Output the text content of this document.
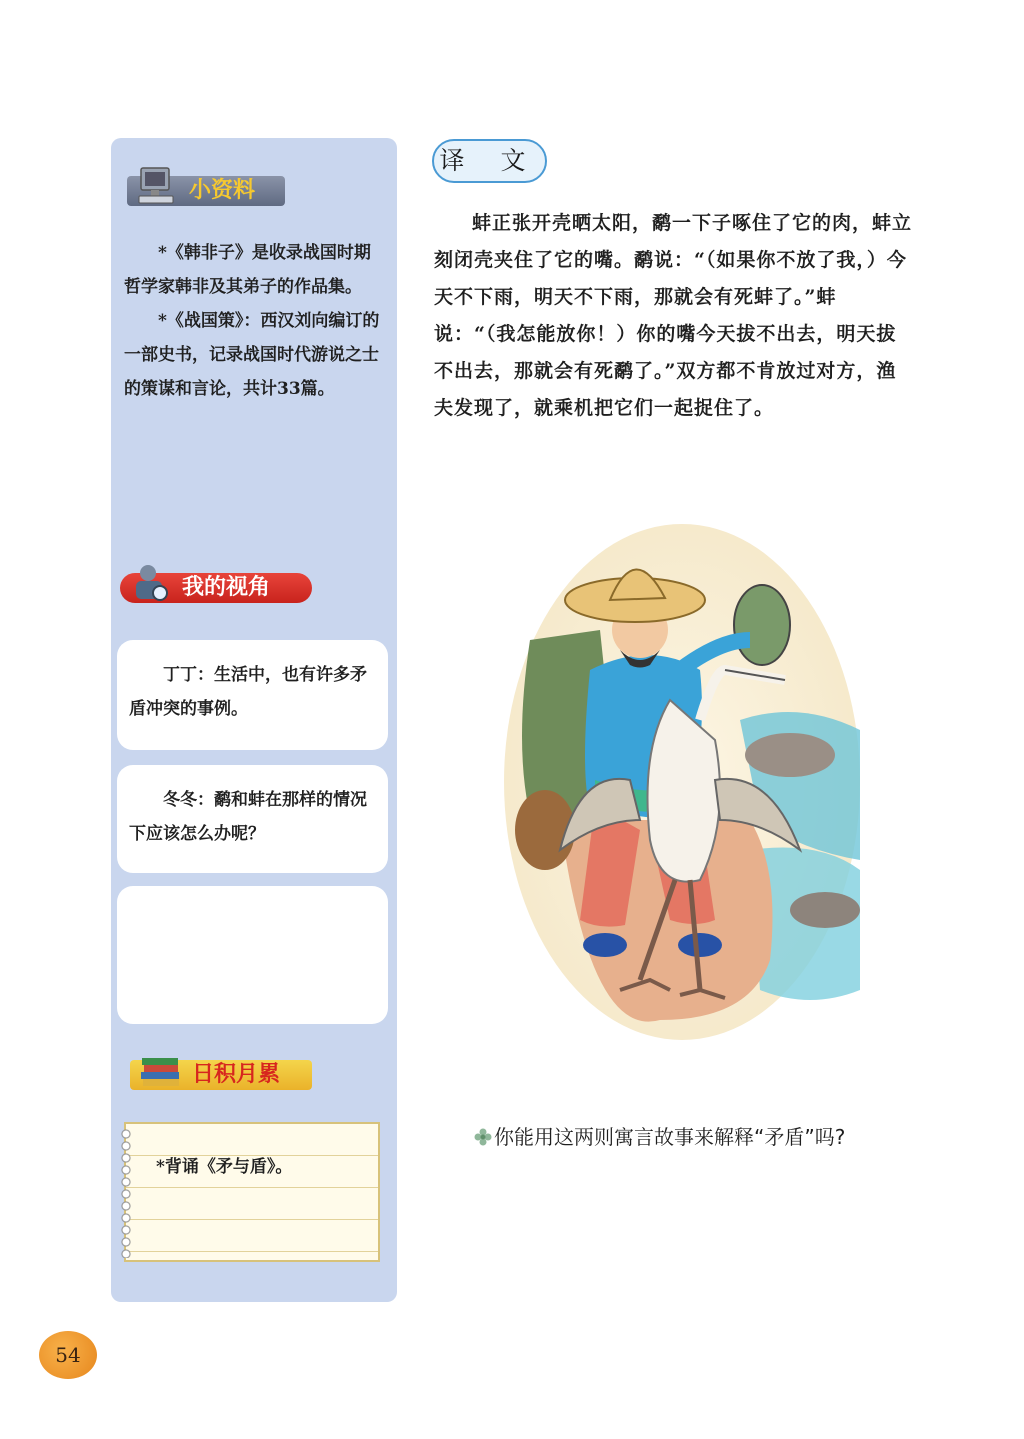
小资料

*《韩非子》是收录战国时期哲学家韩非及其弟子的作品集。

*《战国策》：西汉刘向编订的一部史书，记录战国时代游说之士的策谋和言论，共计33篇。

我的视角

丁丁：生活中，也有许多矛盾冲突的事例。

冬冬：鹬和蚌在那样的情况下应该怎么办呢？

日积月累
*背诵《矛与盾》。
译 文

蚌正张开壳晒太阳，鹬一下子啄住了它的肉，蚌立刻闭壳夹住了它的嘴。鹬说：“（如果你不放了我，）今天不下雨，明天不下雨，那就会有死蚌了。”蚌说：“（我怎能放你！）你的嘴今天拔不出去，明天拔不出去，那就会有死鹬了。”双方都不肯放过对方，渔夫发现了，就乘机把它们一起捉住了。

你能用这两则寓言故事来解释“矛盾”吗?

54
